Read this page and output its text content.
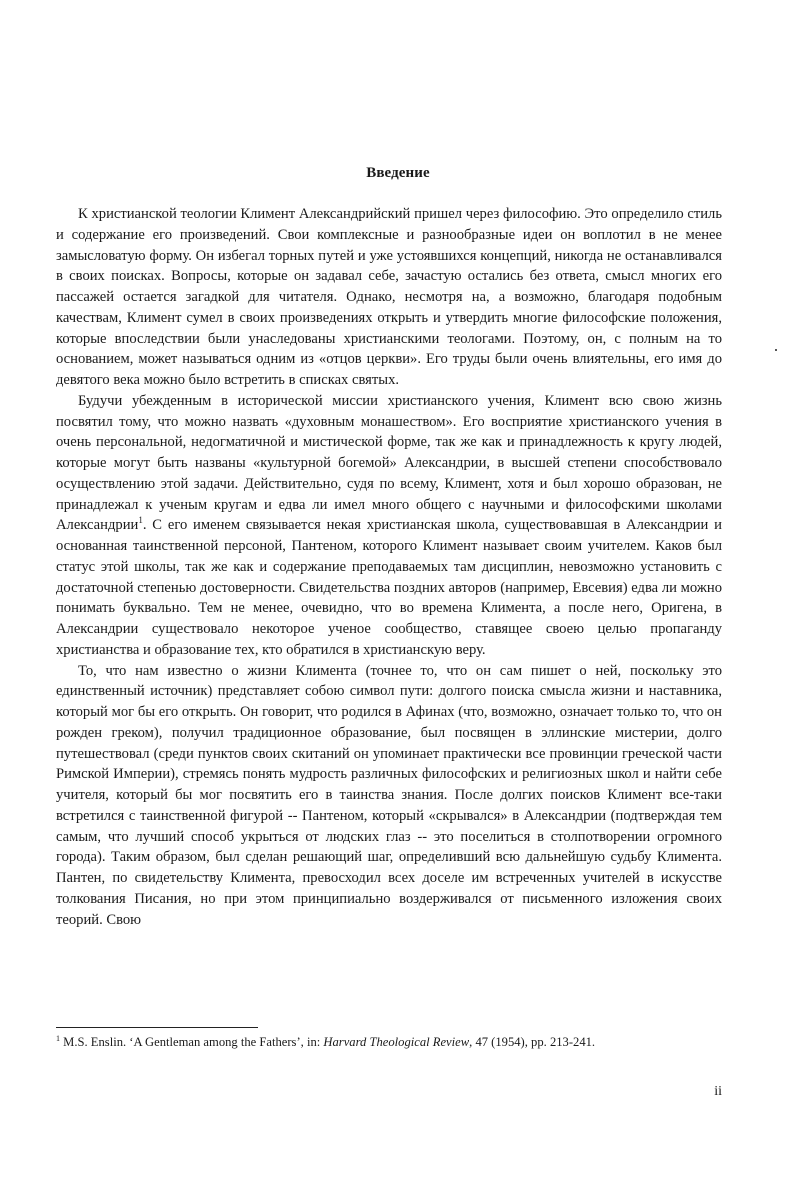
Введение

К христианской теологии Климент Александрийский пришел через философию. Это определило стиль и содержание его произведений. Свои комплексные и разнообразные идеи он воплотил в не менее замысловатую форму. Он избегал торных путей и уже устоявшихся концепций, никогда не останавливался в своих поисках. Вопросы, которые он задавал себе, зачастую остались без ответа, смысл многих его пассажей остается загадкой для читателя. Однако, несмотря на, а возможно, благодаря подобным качествам, Климент сумел в своих произведениях открыть и утвердить многие философские положения, которые впоследствии были унаследованы христианскими теологами. Поэтому, он, с полным на то основанием, может называться одним из «отцов церкви». Его труды были очень влиятельны, его имя до девятого века можно было встретить в списках святых.

Будучи убежденным в исторической миссии христианского учения, Климент всю свою жизнь посвятил тому, что можно назвать «духовным монашеством». Его восприятие христианского учения в очень персональной, недогматичной и мистической форме, так же как и принадлежность к кругу людей, которые могут быть названы «культурной богемой» Александрии, в высшей степени способствовало осуществлению этой задачи. Действительно, судя по всему, Климент, хотя и был хорошо образован, не принадлежал к ученым кругам и едва ли имел много общего с научными и философскими школами Александрии$^1$. С его именем связывается некая христианская школа, существовавшая в Александрии и основанная таинственной персоной, Пантеном, которого Климент называет своим учителем. Каков был статус этой школы, так же как и содержание преподаваемых там дисциплин, невозможно установить с достаточной степенью достоверности. Свидетельства поздних авторов (например, Евсевия) едва ли можно понимать буквально. Тем не менее, очевидно, что во времена Климента, а после него, Оригена, в Александрии существовало некоторое ученое сообщество, ставящее своею целью пропаганду христианства и образование тех, кто обратился в христианскую веру.

То, что нам известно о жизни Климента (точнее то, что он сам пишет о ней, поскольку это единственный источник) представляет собою символ пути: долгого поиска смысла жизни и наставника, который мог бы его открыть. Он говорит, что родился в Афинах (что, возможно, означает только то, что он рожден греком), получил традиционное образование, был посвящен в эллинские мистерии, долго путешествовал (среди пунктов своих скитаний он упоминает практически все провинции греческой части Римской Империи), стремясь понять мудрость различных философских и религиозных школ и найти себе учителя, который бы мог посвятить его в таинства знания. После долгих поисков Климент все-таки встретился с таинственной фигурой -- Пантеном, который «скрывался» в Александрии (подтверждая тем самым, что лучший способ укрыться от людских глаз -- это поселиться в столпотворении огромного города). Таким образом, был сделан решающий шаг, определивший всю дальнейшую судьбу Климента. Пантен, по свидетельству Климента, превосходил всех доселе им встреченных учителей в искусстве толкования Писания, но при этом принципиально воздерживался от письменного изложения своих теорий. Свою

$^1$ M.S. Enslin. ‘A Gentleman among the Fathers’, in: Harvard Theological Review, 47 (1954), pp. 213-241.
ii
